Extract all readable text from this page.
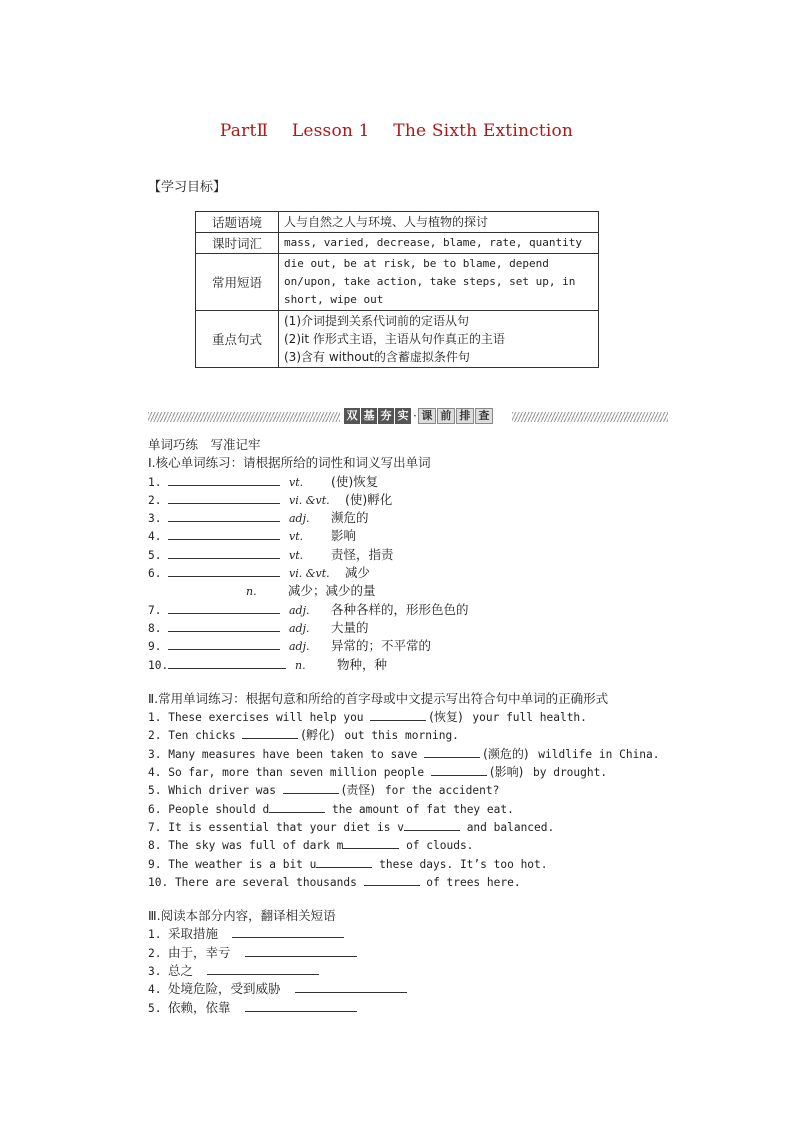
PartⅡ Lesson 1 The Sixth Extinction
【学习目标】
话题语境	人与自然之人与环境、人与植物的探讨
课时词汇	mass, varied, decrease, blame, rate, quantity
常用短语	die out, be at risk, be to blame, depend on/upon, take action, take steps, set up, in short, wipe out
重点句式	(1)介词提到关系代词前的定语从句
(2)it 作形式主语，主语从句作真正的主语
(3)含有 without的含蓄虚拟条件句
双 基 夯 实 · 课 前 排 查
单词巧练　写准记牢
Ⅰ.核心单词练习：请根据所给的词性和词义写出单词
1.	vt. (使)恢复
2.	vi. &vt. (使)孵化
3.	adj. 濒危的
4.	vt. 影响
5.	vt. 责怪，指责
6.	vi. &vt. 减少
n.	减少；减少的量
7.	adj. 各种各样的，形形色色的
8.	adj. 大量的
9.	adj. 异常的；不平常的
10.	n.	物种，种
Ⅱ.常用单词练习：根据句意和所给的首字母或中文提示写出符合句中单词的正确形式
1. These exercises will help you	(恢复) your full health.
2. Ten chicks	(孵化) out this morning.
3. Many measures have been taken to save	(濒危的) wildlife in China.
4. So far, more than seven million people	(影响) by drought.
5. Which driver was	(责怪) for the accident?
6. People should d	the amount of fat they eat.
7. It is essential that your diet is v	and balanced.
8. The sky was full of dark m	of clouds.
9. The weather is a bit u	these days. It’s too hot.
10. There are several thousands	of trees here.
Ⅲ.阅读本部分内容，翻译相关短语
1. 采取措施
2. 由于，幸亏
3. 总之
4. 处境危险，受到威胁
5. 依赖，依靠
